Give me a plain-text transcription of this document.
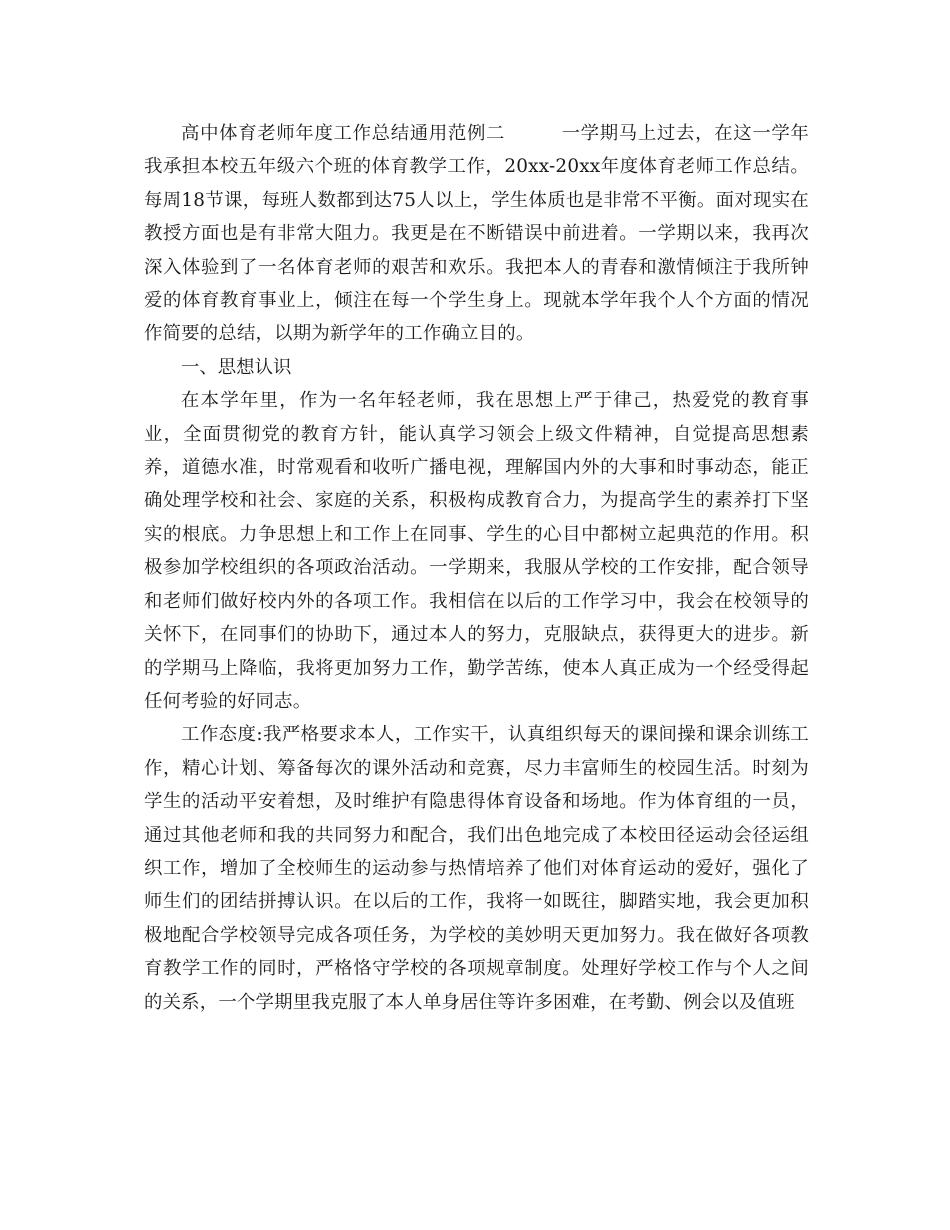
高中体育老师年度工作总结通用范例二	一学期马上过去，在这一学年我承担本校五年级六个班的体育教学工作，20xx-20xx年度体育老师工作总结。每周18节课，每班人数都到达75人以上，学生体质也是非常不平衡。面对现实在教授方面也是有非常大阻力。我更是在不断错误中前进着。一学期以来，我再次深入体验到了一名体育老师的艰苦和欢乐。我把本人的青春和激情倾注于我所钟爱的体育教育事业上，倾注在每一个学生身上。现就本学年我个人个方面的情况作简要的总结，以期为新学年的工作确立目的。

一、思想认识

在本学年里，作为一名年轻老师，我在思想上严于律己，热爱党的教育事业，全面贯彻党的教育方针，能认真学习领会上级文件精神，自觉提高思想素养，道德水准，时常观看和收听广播电视，理解国内外的大事和时事动态，能正确处理学校和社会、家庭的关系，积极构成教育合力，为提高学生的素养打下坚实的根底。力争思想上和工作上在同事、学生的心目中都树立起典范的作用。积极参加学校组织的各项政治活动。一学期来，我服从学校的工作安排，配合领导和老师们做好校内外的各项工作。我相信在以后的工作学习中，我会在校领导的关怀下，在同事们的协助下，通过本人的努力，克服缺点，获得更大的进步。新的学期马上降临，我将更加努力工作，勤学苦练，使本人真正成为一个经受得起任何考验的好同志。

工作态度:我严格要求本人，工作实干，认真组织每天的课间操和课余训练工作，精心计划、筹备每次的课外活动和竞赛，尽力丰富师生的校园生活。时刻为学生的活动平安着想，及时维护有隐患得体育设备和场地。作为体育组的一员，通过其他老师和我的共同努力和配合，我们出色地完成了本校田径运动会径运组织工作，增加了全校师生的运动参与热情培养了他们对体育运动的爱好，强化了师生们的团结拼搏认识。在以后的工作，我将一如既往，脚踏实地，我会更加积极地配合学校领导完成各项任务，为学校的美妙明天更加努力。我在做好各项教育教学工作的同时，严格恪守学校的各项规章制度。处理好学校工作与个人之间的关系，一个学期里我克服了本人单身居住等许多困难，在考勤、例会以及值班
